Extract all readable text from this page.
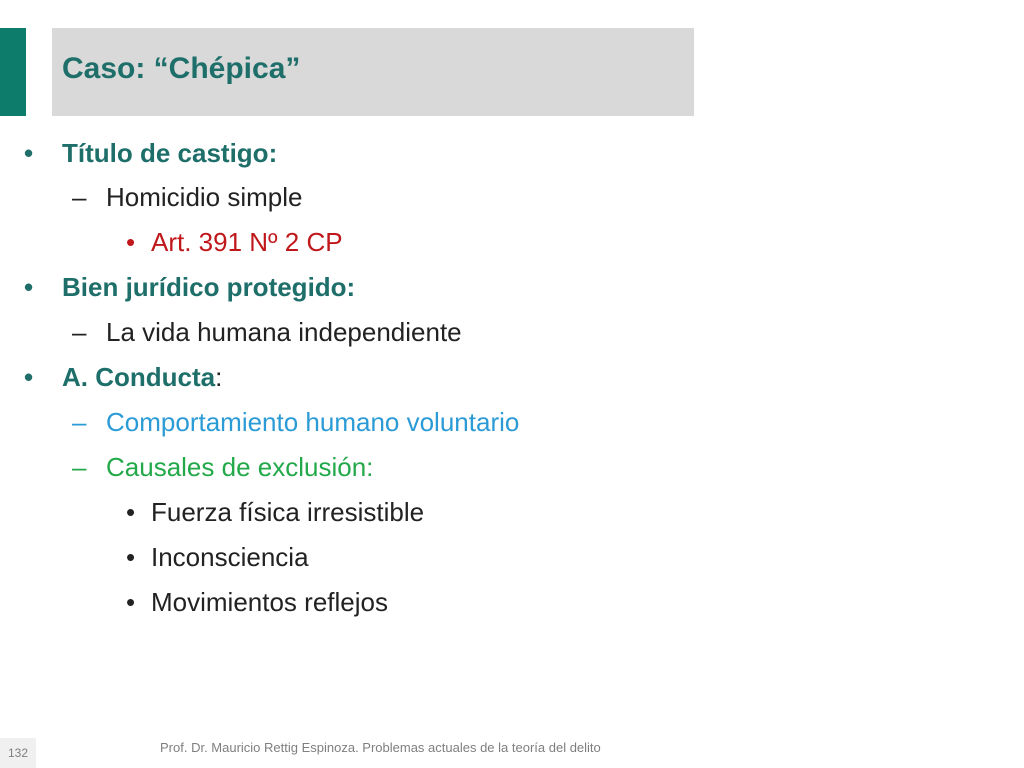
Caso: “Chépica”
• Título de castigo:
– Homicidio simple
• Art. 391 Nº 2 CP
• Bien jurídico protegido:
– La vida humana independiente
• A. Conducta:
– Comportamiento humano voluntario
– Causales de exclusión:
• Fuerza física irresistible
• Inconsciencia
• Movimientos reflejos
Prof. Dr. Mauricio Rettig Espinoza. Problemas actuales de la teoría del delito
132
